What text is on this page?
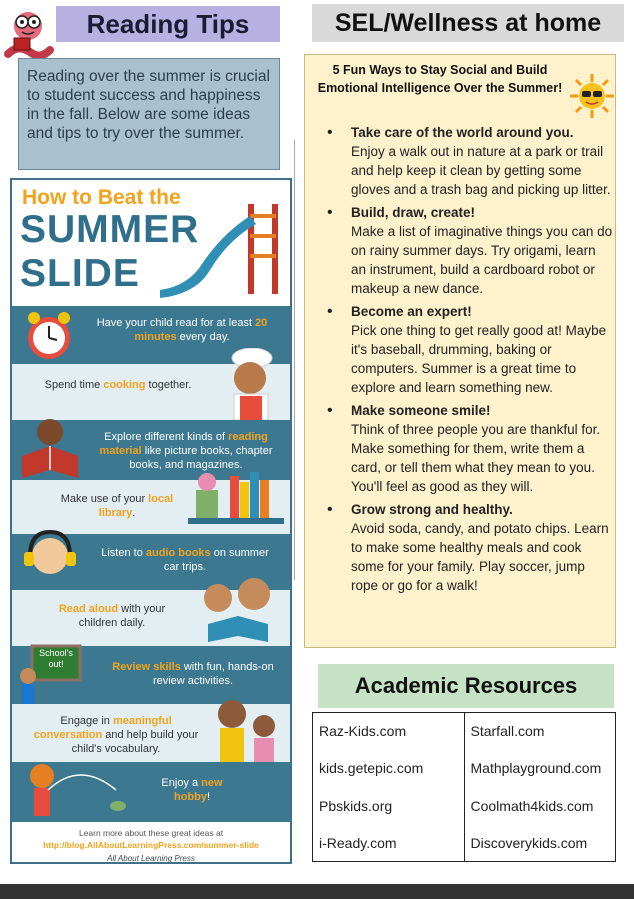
Reading Tips

Reading over the summer is crucial to student success and happiness in the fall. Below are some ideas and tips to try over the summer.

How to Beat the
SUMMER
SLIDE
Have your child read for at least 20 minutes every day.
Spend time cooking together.
Explore different kinds of reading material like picture books, chapter books, and magazines.
Make use of your local library.
Listen to audio books on summer car trips.
Read aloud with your children daily.
School's out!	Review skills with fun, hands-on review activities.
Engage in meaningful conversation and help build your child's vocabulary.
Enjoy a new hobby!
Learn more about these great ideas at
http://blog.AllAboutLearningPress.com/summer-slide
All About Learning Press
SEL/Wellness at home
5 Fun Ways to Stay Social and Build Emotional Intelligence Over the Summer!
• Take care of the world around you.
Enjoy a walk out in nature at a park or trail and help keep it clean by getting some gloves and a trash bag and picking up litter.
• Build, draw, create!
Make a list of imaginative things you can do on rainy summer days. Try origami, learn an instrument, build a cardboard robot or makeup a new dance.
• Become an expert!
Pick one thing to get really good at! Maybe it's baseball, drumming, baking or computers. Summer is a great time to explore and learn something new.
• Make someone smile!
Think of three people you are thankful for. Make something for them, write them a card, or tell them what they mean to you. You'll feel as good as they will.
• Grow strong and healthy.
Avoid soda, candy, and potato chips. Learn to make some healthy meals and cook some for your family. Play soccer, jump rope or go for a walk!
Academic Resources
Raz-Kids.com	Starfall.com
kids.getepic.com	Mathplayground.com
Pbskids.org	Coolmath4kids.com
i-Ready.com	Discoverykids.com
